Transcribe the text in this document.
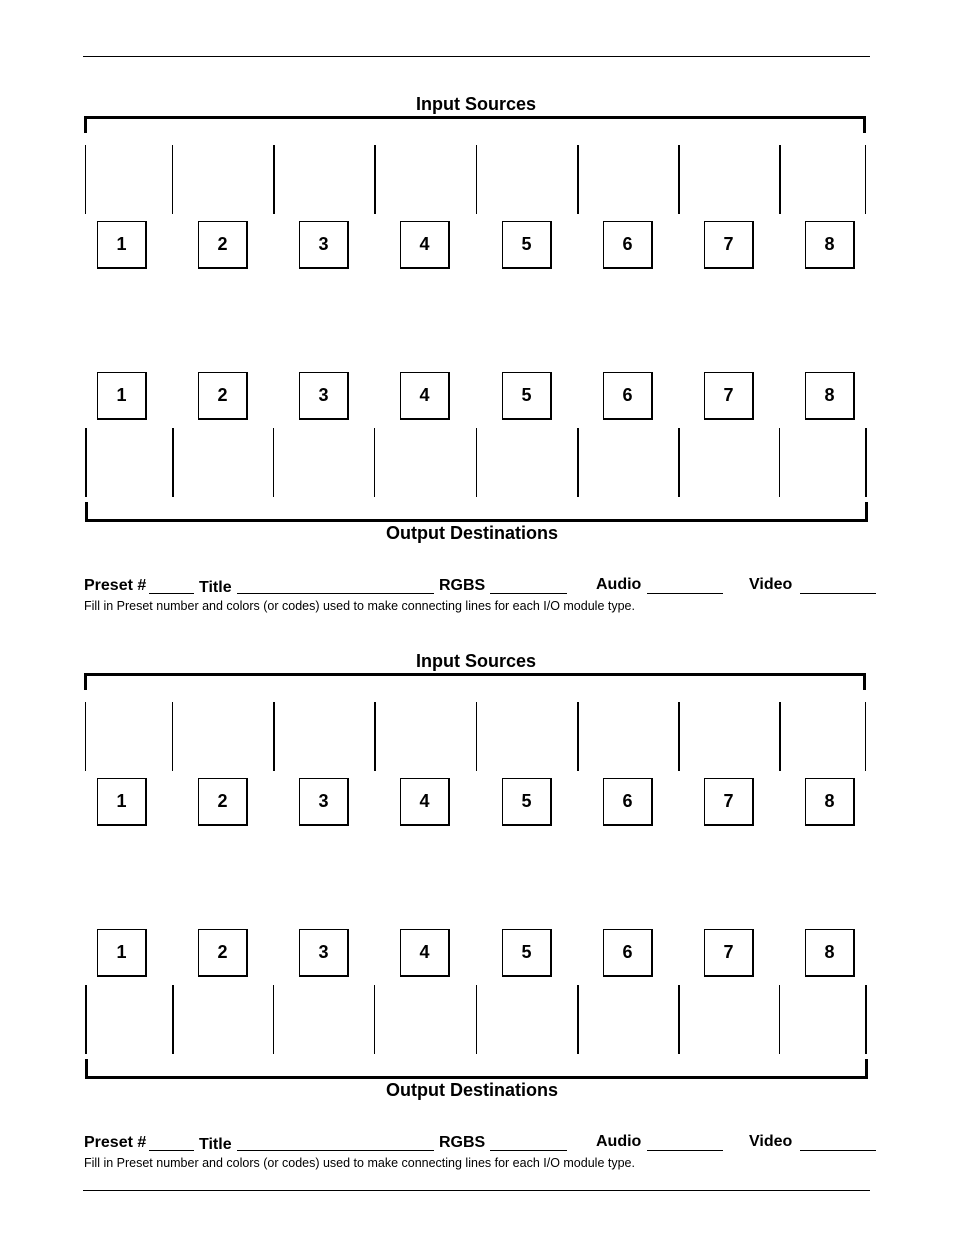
Input Sources
1	2	3	4	5	6	7	8
1	2	3	4	5	6	7	8
Output Destinations
Preset #	Title	RGBS	Audio	Video
Fill in Preset number and colors (or codes) used to make connecting lines for each I/O module type.
Input Sources
1	2	3	4	5	6	7	8
1	2	3	4	5	6	7	8
Output Destinations
Preset #	Title	RGBS	Audio	Video
Fill in Preset number and colors (or codes) used to make connecting lines for each I/O module type.
